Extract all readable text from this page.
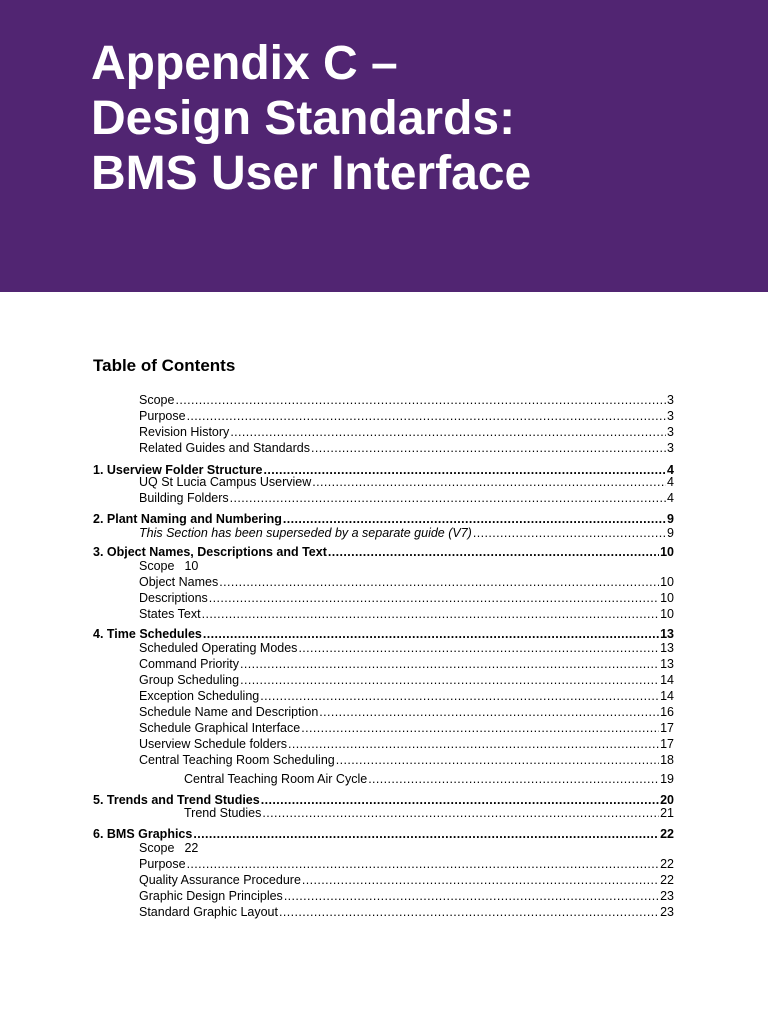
Appendix C –
Design Standards:
BMS User Interface
Table of Contents
Scope .....	3
Purpose .....	3
Revision History .....	3
Related Guides and Standards .....	3
1. Userview Folder Structure .....	4
UQ St Lucia Campus Userview .....	4
Building Folders .....	4
2. Plant Naming and Numbering .....	9
This Section has been superseded by a separate guide (V7) .....	9
3. Object Names, Descriptions and Text .....	10
Scope 10
Object Names .....	10
Descriptions .....	10
States Text .....	10
4. Time Schedules .....	13
Scheduled Operating Modes .....	13
Command Priority .....	13
Group Scheduling .....	14
Exception Scheduling .....	14
Schedule Name and Description .....	16
Schedule Graphical Interface .....	17
Userview Schedule folders .....	17
Central Teaching Room Scheduling .....	18
Central Teaching Room Air Cycle .....	19
5. Trends and Trend Studies .....	20
Trend Studies .....	21
6. BMS Graphics .....	22
Scope 22
Purpose .....	22
Quality Assurance Procedure .....	22
Graphic Design Principles .....	23
Standard Graphic Layout .....	23
